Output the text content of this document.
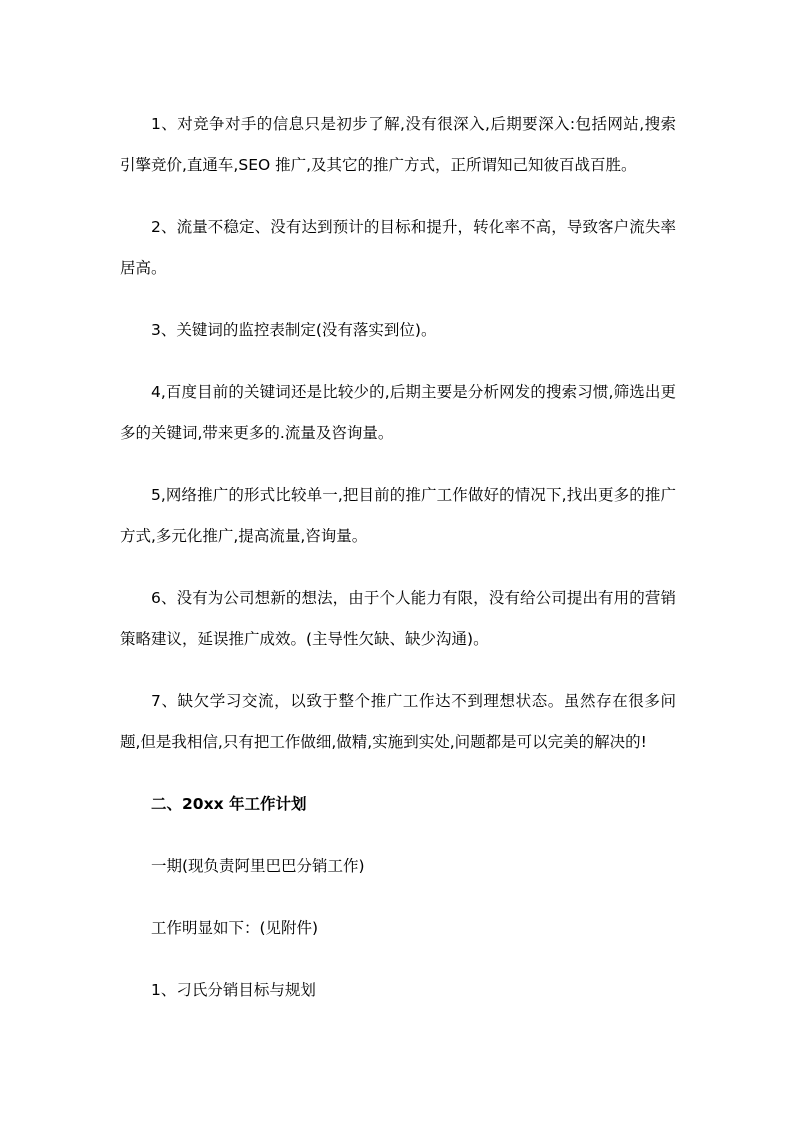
1、对竞争对手的信息只是初步了解,没有很深入,后期要深入:包括网站,搜索引擎竞价,直通车,SEO 推广,及其它的推广方式，正所谓知己知彼百战百胜。

2、流量不稳定、没有达到预计的目标和提升，转化率不高，导致客户流失率居高。

3、关键词的监控表制定(没有落实到位)。

4,百度目前的关键词还是比较少的,后期主要是分析网发的搜索习惯,筛选出更多的关键词,带来更多的.流量及咨询量。

5,网络推广的形式比较单一,把目前的推广工作做好的情况下,找出更多的推广方式,多元化推广,提高流量,咨询量。

6、没有为公司想新的想法，由于个人能力有限，没有给公司提出有用的营销策略建议，延误推广成效。(主导性欠缺、缺少沟通)。

7、缺欠学习交流，以致于整个推广工作达不到理想状态。虽然存在很多问题,但是我相信,只有把工作做细,做精,实施到实处,问题都是可以完美的解决的!

二、20xx 年工作计划

一期(现负责阿里巴巴分销工作)

工作明显如下：(见附件)

1、刁氏分销目标与规划
